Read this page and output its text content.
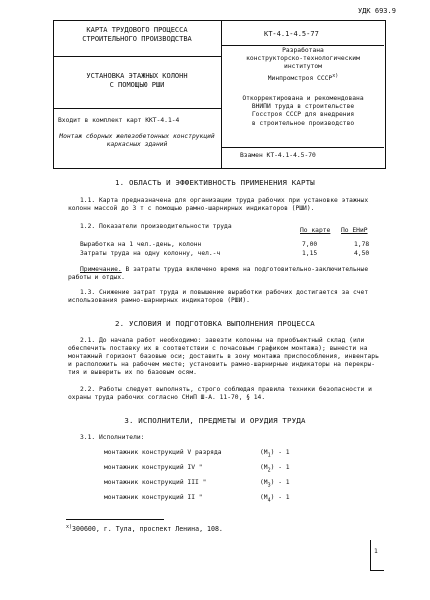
УДК 693.9
КАРТА ТРУДОВОГО ПРОЦЕССА
СТРОИТЕЛЬНОГО ПРОИЗВОДСТВА
УСТАНОВКА ЭТАЖНЫХ КОЛОНН
С ПОМОЩЬЮ РШИ
Входит в комплект карт ККТ-4.1-4
Монтаж сборных железобетонных конструкций
каркасных зданий
КТ-4.1-4.5-77
Разработана
конструкторско-технологическим
институтом
Минпромстроя СССР$^{x)}$
Откорректирована и рекомендована
ВНИПИ труда в строительстве
Госстроя СССР для внедрения
в строительное производство
Взамен КТ-4.1-4.5-70
1. ОБЛАСТЬ И ЭФФЕКТИВНОСТЬ ПРИМЕНЕНИЯ КАРТЫ
1.1. Карта предназначена для организации труда рабочих при установке этажных
колонн массой до 3 т с помощью рамно-шарнирных индикаторов (РШИ).
1.2. Показатели производительности труда
По карте По ЕНиР
Выработка на 1 чел.-день, колонн	7,00	1,78
Затраты труда на одну колонну, чел.-ч	1,15	4,50
Примечание. В затраты труда включено время на подготовительно-заключительные
работы и отдых.
1.3. Снижение затрат труда и повышение выработки рабочих достигается за счет
использования рамно-шарнирных индикаторов (РШИ).
2. УСЛОВИЯ И ПОДГОТОВКА ВЫПОЛНЕНИЯ ПРОЦЕССА
2.1. До начала работ необходимо: завезти колонны на приобъектный склад (или
обеспечить поставку их в соответствии с почасовым графиком монтажа); вынести на
монтажный горизонт базовые оси; доставить в зону монтажа приспособления, инвентарь
и расположить на рабочем месте; установить рамно-шарнирные индикаторы на перекры-
тия и выверить их по базовым осям.
2.2. Работы следует выполнять, строго соблюдая правила техники безопасности и
охраны труда рабочих согласно СНиП Ш-А. 11-70, § 14.
3. ИСПОЛНИТЕЛИ, ПРЕДМЕТЫ И ОРУДИЯ ТРУДА
3.1. Исполнители:
монтажник конструкций V разряда	$(М_1) - 1$
монтажник конструкций IV "	$(М_2) - 1$
монтажник конструкций III "	$(М_3) - 1$
монтажник конструкций II "	$(М_4) - 1$
$^{x)}$300600, г. Тула, проспект Ленина, 108.
1
